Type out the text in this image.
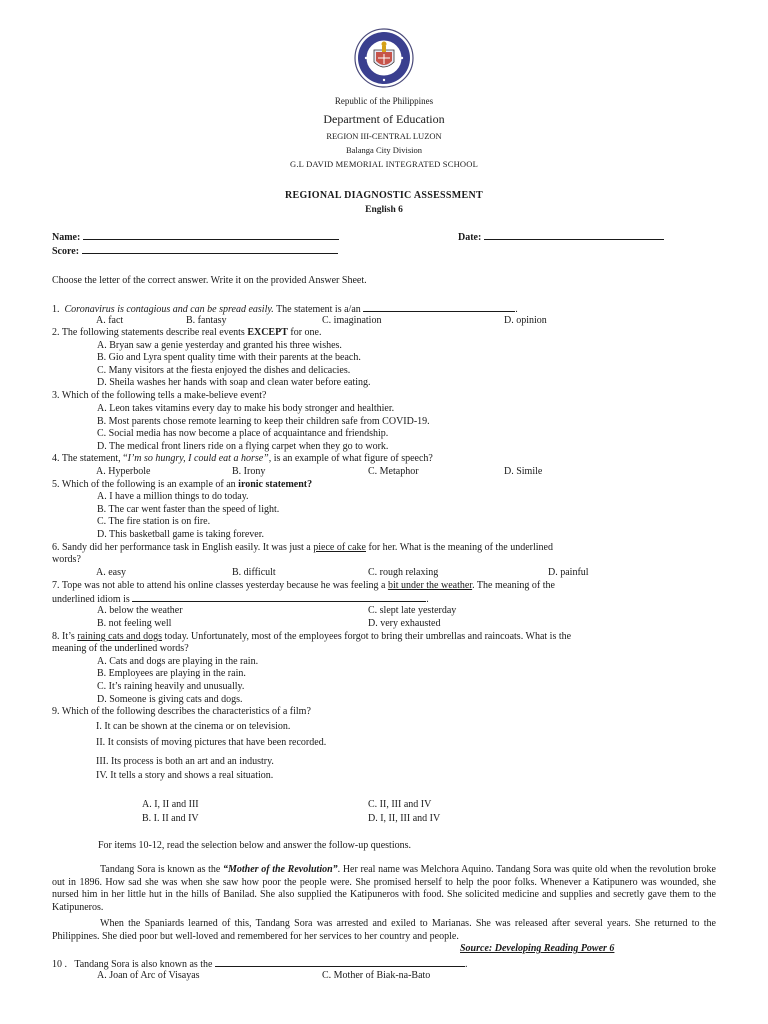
Republic of the Philippines
Department of Education
REGION III-CENTRAL LUZON
Balanga City Division
G.L DAVID MEMORIAL INTEGRATED SCHOOL
REGIONAL DIAGNOSTIC ASSESSMENT
English 6
Name:	Date:
Score:
Choose the letter of the correct answer. Write it on the provided Answer Sheet.
1. Coronavirus is contagious and can be spread easily. The statement is a/an	.
A. fact	B. fantasy	C. imagination	D. opinion
2. The following statements describe real events EXCEPT for one.
A. Bryan saw a genie yesterday and granted his three wishes.
B. Gio and Lyra spent quality time with their parents at the beach.
C. Many visitors at the fiesta enjoyed the dishes and delicacies.
D. Sheila washes her hands with soap and clean water before eating.
3. Which of the following tells a make-believe event?
A. Leon takes vitamins every day to make his body stronger and healthier.
B. Most parents chose remote learning to keep their children safe from COVID-19.
C. Social media has now become a place of acquaintance and friendship.
D. The medical front liners ride on a flying carpet when they go to work.
4. The statement, “I’m so hungry, I could eat a horse”, is an example of what figure of speech?
A. Hyperbole	B. Irony	C. Metaphor	D. Simile
5. Which of the following is an example of an ironic statement?
A. I have a million things to do today.
B. The car went faster than the speed of light.
C. The fire station is on fire.
D. This basketball game is taking forever.
6. Sandy did her performance task in English easily. It was just a piece of cake for her. What is the meaning of the underlined
words?
A. easy	B. difficult	C. rough relaxing	D. painful
7. Tope was not able to attend his online classes yesterday because he was feeling a bit under the weather. The meaning of the
underlined idiom is	.
A. below the weather	C. slept late yesterday
B. not feeling well	D. very exhausted
8. It’s raining cats and dogs today. Unfortunately, most of the employees forgot to bring their umbrellas and raincoats. What is the
meaning of the underlined words?
A. Cats and dogs are playing in the rain.
B. Employees are playing in the rain.
C. It’s raining heavily and unusually.
D. Someone is giving cats and dogs.
9. Which of the following describes the characteristics of a film?
I. It can be shown at the cinema or on television.
II. It consists of moving pictures that have been recorded.
III. Its process is both an art and an industry.
IV. It tells a story and shows a real situation.
A. I, II and III	C. II, III and IV
B. I. II and IV	D. I, II, III and IV
For items 10-12, read the selection below and answer the follow-up questions.
Tandang Sora is known as the “Mother of the Revolution”. Her real name was Melchora Aquino. Tandang Sora was quite old when the revolution broke out in 1896. How sad she was when she saw how poor the people were. She promised herself to help the poor folks. Whenever a Katipunero was wounded, she nursed him in her little hut in the hills of Banilad. She also supplied the Katipuneros with food. She solicited medicine and supplies and secretly gave them to the Katipuneros.
When the Spaniards learned of this, Tandang Sora was arrested and exiled to Marianas. She was released after several years. She returned to the Philippines. She died poor but well-loved and remembered for her services to her country and people.
Source: Developing Reading Power 6
10 . Tandang Sora is also known as the	.
A. Joan of Arc of Visayas	C. Mother of Biak-na-Bato
